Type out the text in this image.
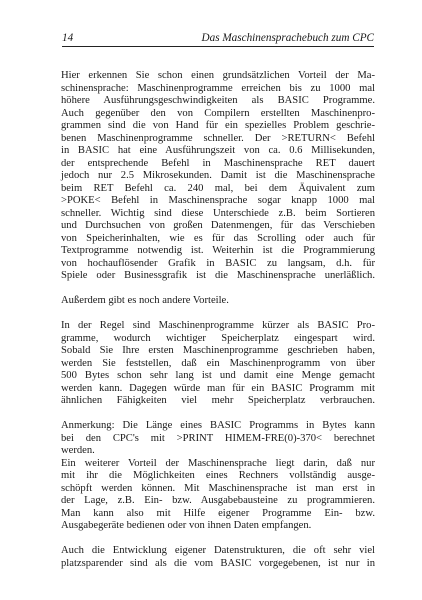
14	Das Maschinensprachebuch zum CPC
Hier erkennen Sie schon einen grundsätzlichen Vorteil der Ma-
schinensprache: Maschinenprogramme erreichen bis zu 1000 mal
höhere Ausführungsgeschwindigkeiten als BASIC Programme.
Auch gegenüber den von Compilern erstellten Maschinenpro-
grammen sind die von Hand für ein spezielles Problem geschrie-
benen Maschinenprogramme schneller. Der >RETURN< Befehl
in BASIC hat eine Ausführungszeit von ca. 0.6 Millisekunden,
der entsprechende Befehl in Maschinensprache RET dauert
jedoch nur 2.5 Mikrosekunden. Damit ist die Maschinensprache
beim RET Befehl ca. 240 mal, bei dem Äquivalent zum
>POKE< Befehl in Maschinensprache sogar knapp 1000 mal
schneller. Wichtig sind diese Unterschiede z.B. beim Sortieren
und Durchsuchen von großen Datenmengen, für das Verschieben
von Speicherinhalten, wie es für das Scrolling oder auch für
Textprogramme notwendig ist. Weiterhin ist die Programmierung
von hochauflösender Grafik in BASIC zu langsam, d.h. für
Spiele oder Businessgrafik ist die Maschinensprache unerläßlich.
Außerdem gibt es noch andere Vorteile.
In der Regel sind Maschinenprogramme kürzer als BASIC Pro-
gramme, wodurch wichtiger Speicherplatz eingespart wird.
Sobald Sie Ihre ersten Maschinenprogramme geschrieben haben,
werden Sie feststellen, daß ein Maschinenprogramm von über
500 Bytes schon sehr lang ist und damit eine Menge gemacht
werden kann. Dagegen würde man für ein BASIC Programm mit
ähnlichen Fähigkeiten viel mehr Speicherplatz verbrauchen.
Anmerkung: Die Länge eines BASIC Programms in Bytes kann
bei den CPC's mit >PRINT HIMEM-FRE(0)-370< berechnet
werden.
Ein weiterer Vorteil der Maschinensprache liegt darin, daß nur
mit ihr die Möglichkeiten eines Rechners vollständig ausge-
schöpft werden können. Mit Maschinensprache ist man erst in
der Lage, z.B. Ein- bzw. Ausgabebausteine zu programmieren.
Man kann also mit Hilfe eigener Programme Ein- bzw.
Ausgabegeräte bedienen oder von ihnen Daten empfangen.
Auch die Entwicklung eigener Datenstrukturen, die oft sehr viel
platzsparender sind als die vom BASIC vorgegebenen, ist nur in
